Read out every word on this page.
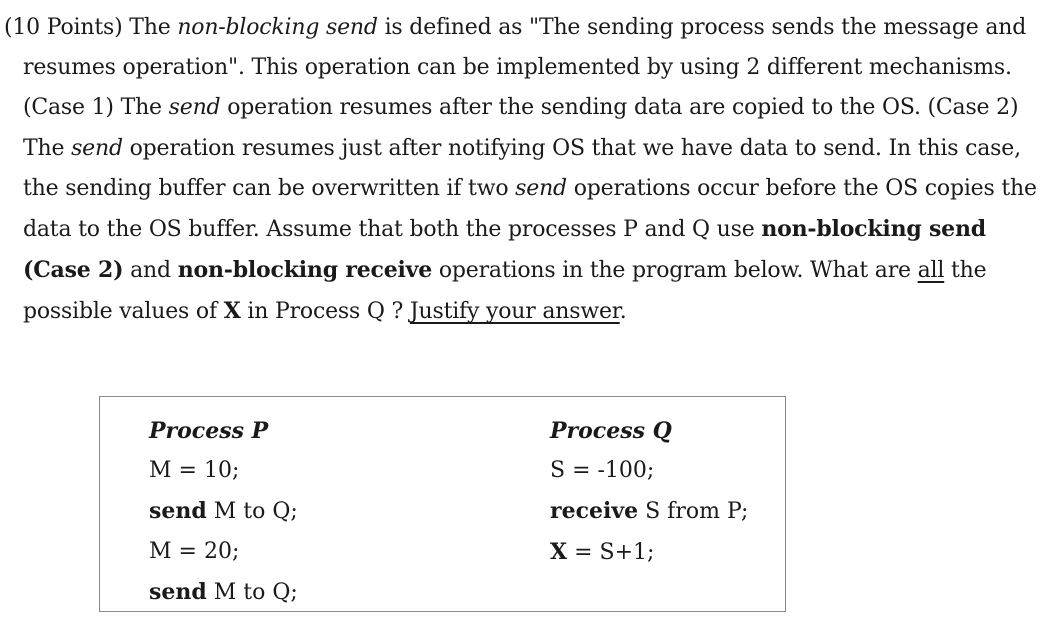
(10 Points) The non-blocking send is defined as "The sending process sends the message and resumes operation". This operation can be implemented by using 2 different mechanisms. (Case 1) The send operation resumes after the sending data are copied to the OS. (Case 2) The send operation resumes just after notifying OS that we have data to send. In this case, the sending buffer can be overwritten if two send operations occur before the OS copies the data to the OS buffer. Assume that both the processes P and Q use non-blocking send (Case 2) and non-blocking receive operations in the program below. What are all the possible values of X in Process Q ? Justify your answer.

Process P
M = 10;
send M to Q;
M = 20;
send M to Q;
Process Q
S = -100;
receive S from P;
X = S+1;
